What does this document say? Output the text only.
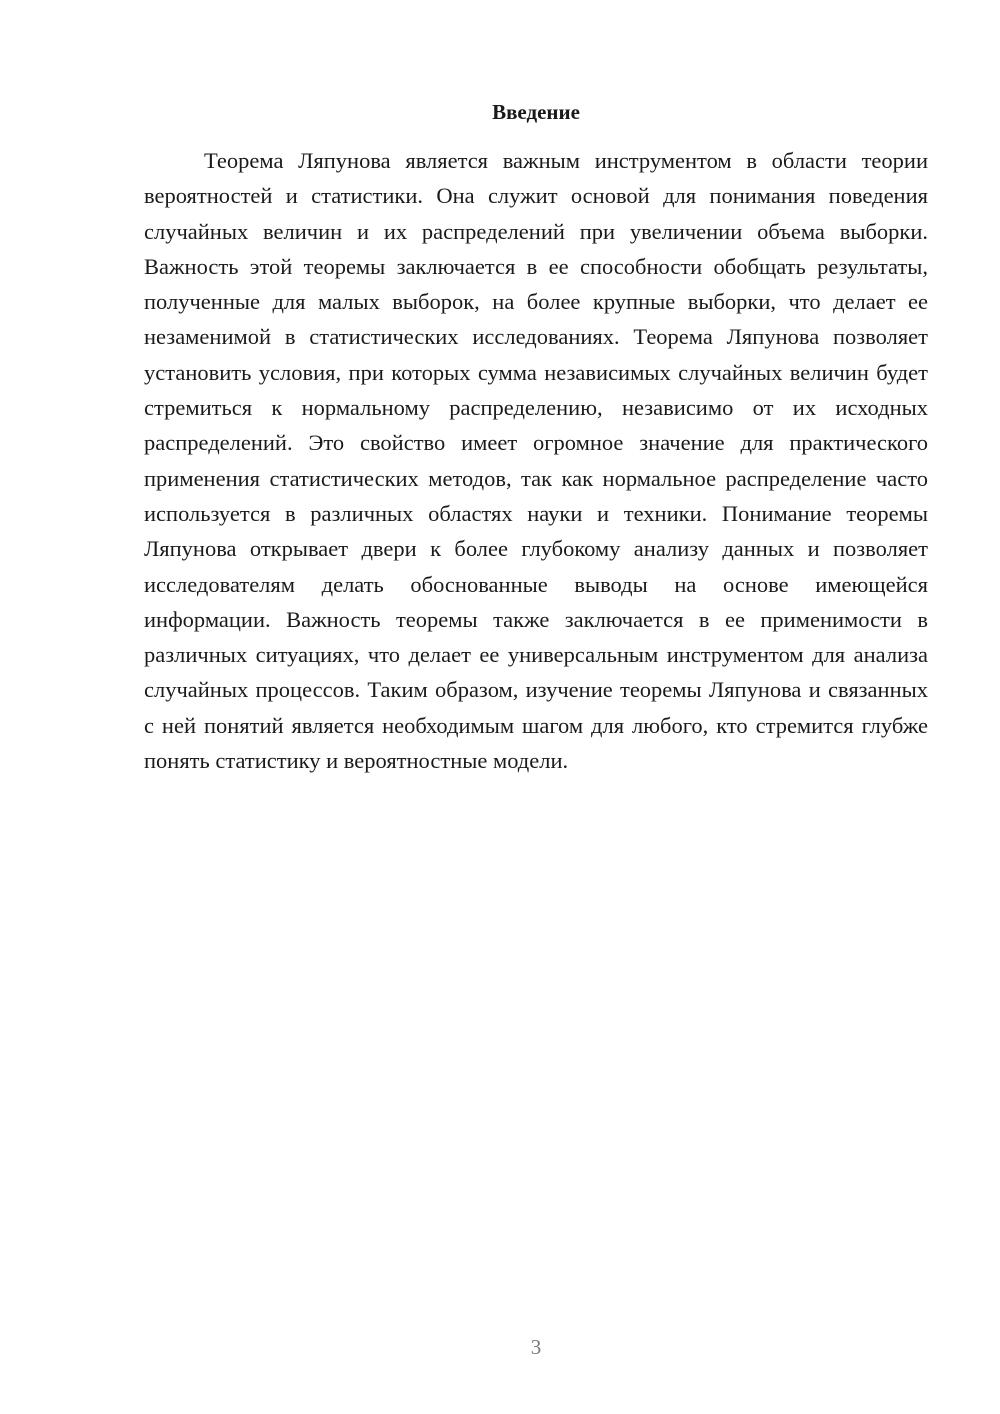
Введение

Теорема Ляпунова является важным инструментом в области теории вероятностей и статистики. Она служит основой для понимания поведения случайных величин и их распределений при увеличении объема выборки. Важность этой теоремы заключается в ее способности обобщать результаты, полученные для малых выборок, на более крупные выборки, что делает ее незаменимой в статистических исследованиях. Теорема Ляпунова позволяет установить условия, при которых сумма независимых случайных величин будет стремиться к нормальному распределению, независимо от их исходных распределений. Это свойство имеет огромное значение для практического применения статистических методов, так как нормальное распределение часто используется в различных областях науки и техники. Понимание теоремы Ляпунова открывает двери к более глубокому анализу данных и позволяет исследователям делать обоснованные выводы на основе имеющейся информации. Важность теоремы также заключается в ее применимости в различных ситуациях, что делает ее универсальным инструментом для анализа случайных процессов. Таким образом, изучение теоремы Ляпунова и связанных с ней понятий является необходимым шагом для любого, кто стремится глубже понять статистику и вероятностные модели.

3
